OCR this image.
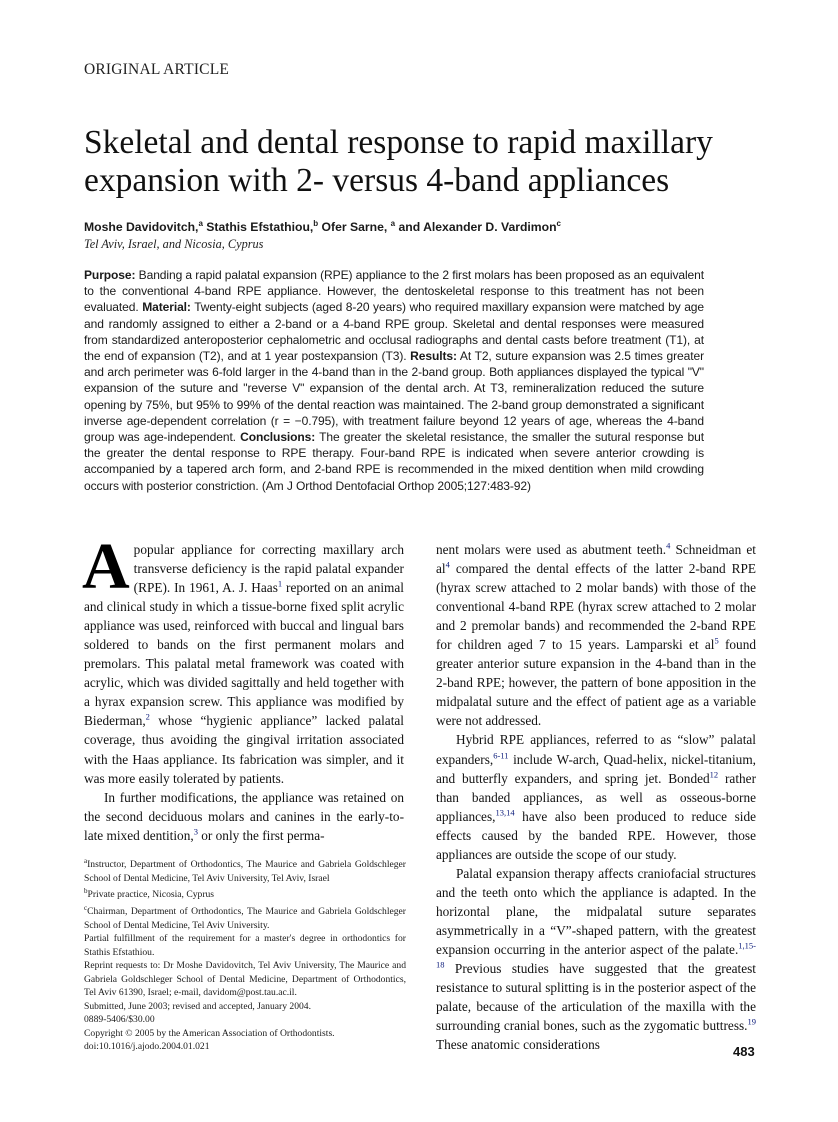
ORIGINAL ARTICLE
Skeletal and dental response to rapid maxillary expansion with 2- versus 4-band appliances
Moshe Davidovitch,$^a$ Stathis Efstathiou,$^b$ Ofer Sarne, $^a$ and Alexander D. Vardimon$^c$
Tel Aviv, Israel, and Nicosia, Cyprus
Purpose: Banding a rapid palatal expansion (RPE) appliance to the 2 first molars has been proposed as an equivalent to the conventional 4-band RPE appliance. However, the dentoskeletal response to this treatment has not been evaluated. Material: Twenty-eight subjects (aged 8-20 years) who required maxillary expansion were matched by age and randomly assigned to either a 2-band or a 4-band RPE group. Skeletal and dental responses were measured from standardized anteroposterior cephalometric and occlusal radiographs and dental casts before treatment (T1), at the end of expansion (T2), and at 1 year postexpansion (T3). Results: At T2, suture expansion was 2.5 times greater and arch perimeter was 6-fold larger in the 4-band than in the 2-band group. Both appliances displayed the typical "V" expansion of the suture and "reverse V" expansion of the dental arch. At T3, remineralization reduced the suture opening by 75%, but 95% to 99% of the dental reaction was maintained. The 2-band group demonstrated a significant inverse age-dependent correlation (r = −0.795), with treatment failure beyond 12 years of age, whereas the 4-band group was age-independent. Conclusions: The greater the skeletal resistance, the smaller the sutural response but the greater the dental response to RPE therapy. Four-band RPE is indicated when severe anterior crowding is accompanied by a tapered arch form, and 2-band RPE is recommended in the mixed dentition when mild crowding occurs with posterior constriction. (Am J Orthod Dentofacial Orthop 2005;127:483-92)

A popular appliance for correcting maxillary arch transverse deficiency is the rapid palatal expander (RPE). In 1961, A. J. Haas$^1$ reported on an animal and clinical study in which a tissue-borne fixed split acrylic appliance was used, reinforced with buccal and lingual bars soldered to bands on the first permanent molars and premolars. This palatal metal framework was coated with acrylic, which was divided sagittally and held together with a hyrax expansion screw. This appliance was modified by Biederman,$^2$ whose “hygienic appliance” lacked palatal coverage, thus avoiding the gingival irritation associated with the Haas appliance. Its fabrication was simpler, and it was more easily tolerated by patients.

In further modifications, the appliance was retained on the second deciduous molars and canines in the early-to-late mixed dentition,$^3$ or only the first perma-

$^a$Instructor, Department of Orthodontics, The Maurice and Gabriela Goldschleger School of Dental Medicine, Tel Aviv University, Tel Aviv, Israel
$^b$Private practice, Nicosia, Cyprus
$^c$Chairman, Department of Orthodontics, The Maurice and Gabriela Goldschleger School of Dental Medicine, Tel Aviv University.
Partial fulfillment of the requirement for a master's degree in orthodontics for Stathis Efstathiou.
Reprint requests to: Dr Moshe Davidovitch, Tel Aviv University, The Maurice and Gabriela Goldschleger School of Dental Medicine, Department of Orthodontics, Tel Aviv 61390, Israel; e-mail, davidom@post.tau.ac.il.
Submitted, June 2003; revised and accepted, January 2004.
0889-5406/$30.00
Copyright © 2005 by the American Association of Orthodontists.
doi:10.1016/j.ajodo.2004.01.021

nent molars were used as abutment teeth.$^4$ Schneidman et $al^4$ compared the dental effects of the latter 2-band RPE (hyrax screw attached to 2 molar bands) with those of the conventional 4-band RPE (hyrax screw attached to 2 molar and 2 premolar bands) and recommended the 2-band RPE for children aged 7 to 15 years. Lamparski et $al^5$ found greater anterior suture expansion in the 4-band than in the 2-band RPE; however, the pattern of bone apposition in the midpalatal suture and the effect of patient age as a variable were not addressed.

Hybrid RPE appliances, referred to as “slow” palatal expanders,$^{6-11}$ include W-arch, Quad-helix, nickel-titanium, and butterfly expanders, and spring jet. Bonded$^{12}$ rather than banded appliances, as well as osseous-borne appliances,$^{13,14}$ have also been produced to reduce side effects caused by the banded RPE. However, those appliances are outside the scope of our study.

Palatal expansion therapy affects craniofacial structures and the teeth onto which the appliance is adapted. In the horizontal plane, the midpalatal suture separates asymmetrically in a “V”-shaped pattern, with the greatest expansion occurring in the anterior aspect of the palate.$^{1,15-18}$ Previous studies have suggested that the greatest resistance to sutural splitting is in the posterior aspect of the palate, because of the articulation of the maxilla with the surrounding cranial bones, such as the zygomatic buttress.$^{19}$ These anatomic considerations	483
